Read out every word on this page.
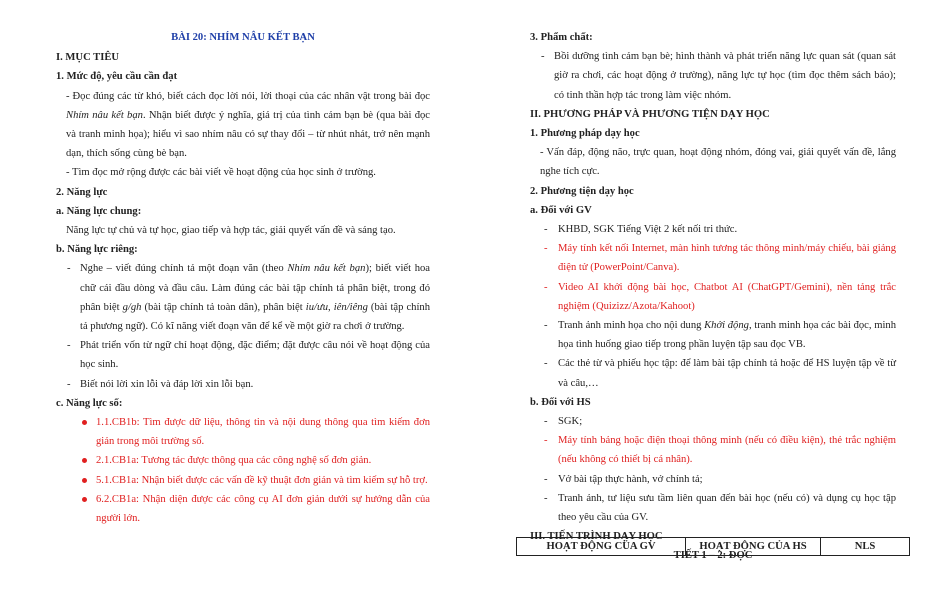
BÀI 20: NHÍM NÂU KẾT BẠN
I. MỤC TIÊU
1. Mức độ, yêu cầu cần đạt
- Đọc đúng các từ khó, biết cách đọc lời nói, lời thoại của các nhân vật trong bài đọc Nhím nâu kết bạn. Nhận biết được ý nghĩa, giá trị của tình cảm bạn bè (qua bài đọc và tranh minh họa); hiểu vì sao nhím nâu có sự thay đổi – từ nhút nhát, trở nên mạnh dạn, thích sống cùng bè bạn.
- Tìm đọc mở rộng được các bài viết về hoạt động của học sinh ở trường.
2. Năng lực
a. Năng lực chung:
Năng lực tự chủ và tự học, giao tiếp và hợp tác, giải quyết vấn đề và sáng tạo.
b. Năng lực riêng:
- Nghe – viết đúng chính tả một đoạn văn (theo Nhím nâu kết bạn); biết viết hoa chữ cái đầu dòng và đầu câu. Làm đúng các bài tập chính tả phân biệt, trong đó phân biệt g/gh (bài tập chính tả toàn dân), phân biệt iu/ưu, iên/iêng (bài tập chính tả phương ngữ). Có kĩ năng viết đoạn văn để kể về một giờ ra chơi ở trường.
- Phát triển vốn từ ngữ chỉ hoạt động, đặc điểm; đặt được câu nói về hoạt động của học sinh.
- Biết nói lời xin lỗi và đáp lời xin lỗi bạn.
c. Năng lực số:
1.1.CB1b: Tìm được dữ liệu, thông tin và nội dung thông qua tìm kiếm đơn giản trong môi trường số.
2.1.CB1a: Tương tác được thông qua các công nghệ số đơn giản.
5.1.CB1a: Nhận biết được các vấn đề kỹ thuật đơn giản và tìm kiếm sự hỗ trợ.
6.2.CB1a: Nhận diện được các công cụ AI đơn giản dưới sự hướng dẫn của người lớn.
3. Phẩm chất:
- Bồi dưỡng tình cảm bạn bè; hình thành và phát triển năng lực quan sát (quan sát giờ ra chơi, các hoạt động ở trường), năng lực tự học (tìm đọc thêm sách báo); có tinh thần hợp tác trong làm việc nhóm.
II. PHƯƠNG PHÁP VÀ PHƯƠNG TIỆN DẠY HỌC
1. Phương pháp dạy học
- Vấn đáp, động não, trực quan, hoạt động nhóm, đóng vai, giải quyết vấn đề, lắng nghe tích cực.
2. Phương tiện dạy học
a. Đối với GV
- KHBD, SGK Tiếng Việt 2 kết nối tri thức.
- Máy tính kết nối Internet, màn hình tương tác thông minh/máy chiếu, bài giảng điện tử (PowerPoint/Canva).
- Video AI khởi động bài học, Chatbot AI (ChatGPT/Gemini), nền tảng trắc nghiệm (Quizizz/Azota/Kahoot)
- Tranh ảnh minh họa cho nội dung Khởi động, tranh minh họa các bài đọc, minh họa tình huống giao tiếp trong phần luyện tập sau đọc VB.
- Các thẻ từ và phiếu học tập: để làm bài tập chính tả hoặc để HS luyện tập về từ và câu,…
b. Đối với HS
- SGK;
- Máy tính bảng hoặc điện thoại thông minh (nếu có điều kiện), thẻ trắc nghiệm (nếu không có thiết bị cá nhân).
- Vở bài tập thực hành, vở chính tả;
- Tranh ảnh, tư liệu sưu tầm liên quan đến bài học (nếu có) và dụng cụ học tập theo yêu cầu của GV.
III. TIẾN TRÌNH DẠY HỌC
TIẾT 1 – 2: ĐỌC
HOẠT ĐỘNG CỦA GV	HOẠT ĐỘNG CỦA HS	NLS
